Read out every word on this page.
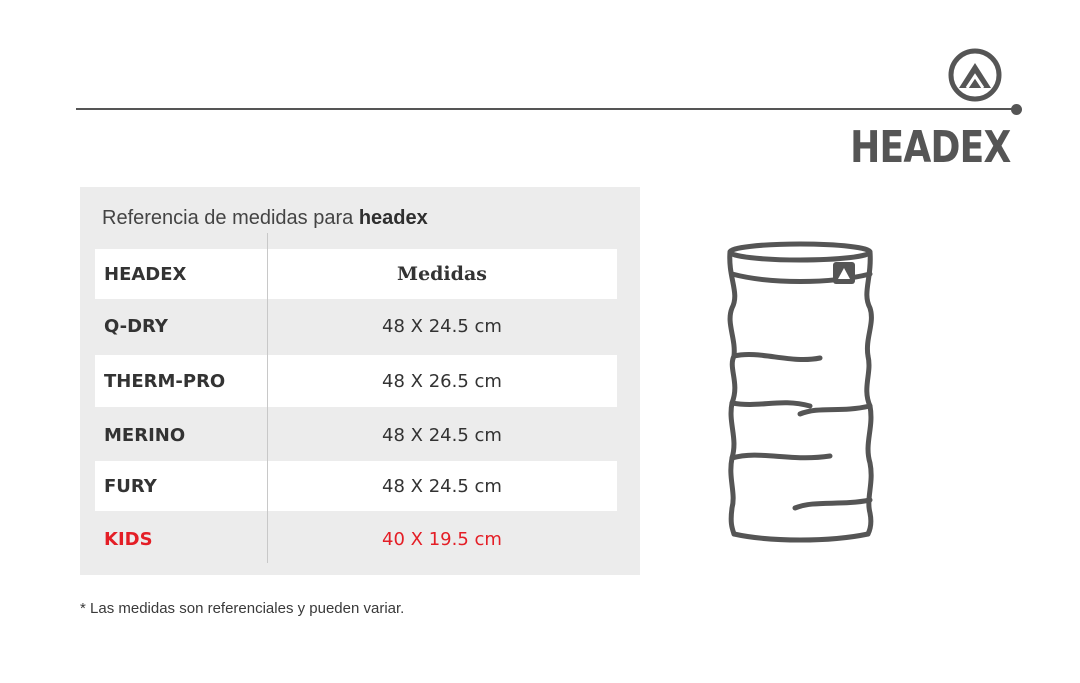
HEADEX
Referencia de medidas para headex
HEADEX	Medidas
Q-DRY	48 X 24.5 cm
THERM-PRO	48 X 26.5 cm
MERINO	48 X 24.5 cm
FURY	48 X 24.5 cm
KIDS	40 X 19.5 cm
* Las medidas son referenciales y pueden variar.
